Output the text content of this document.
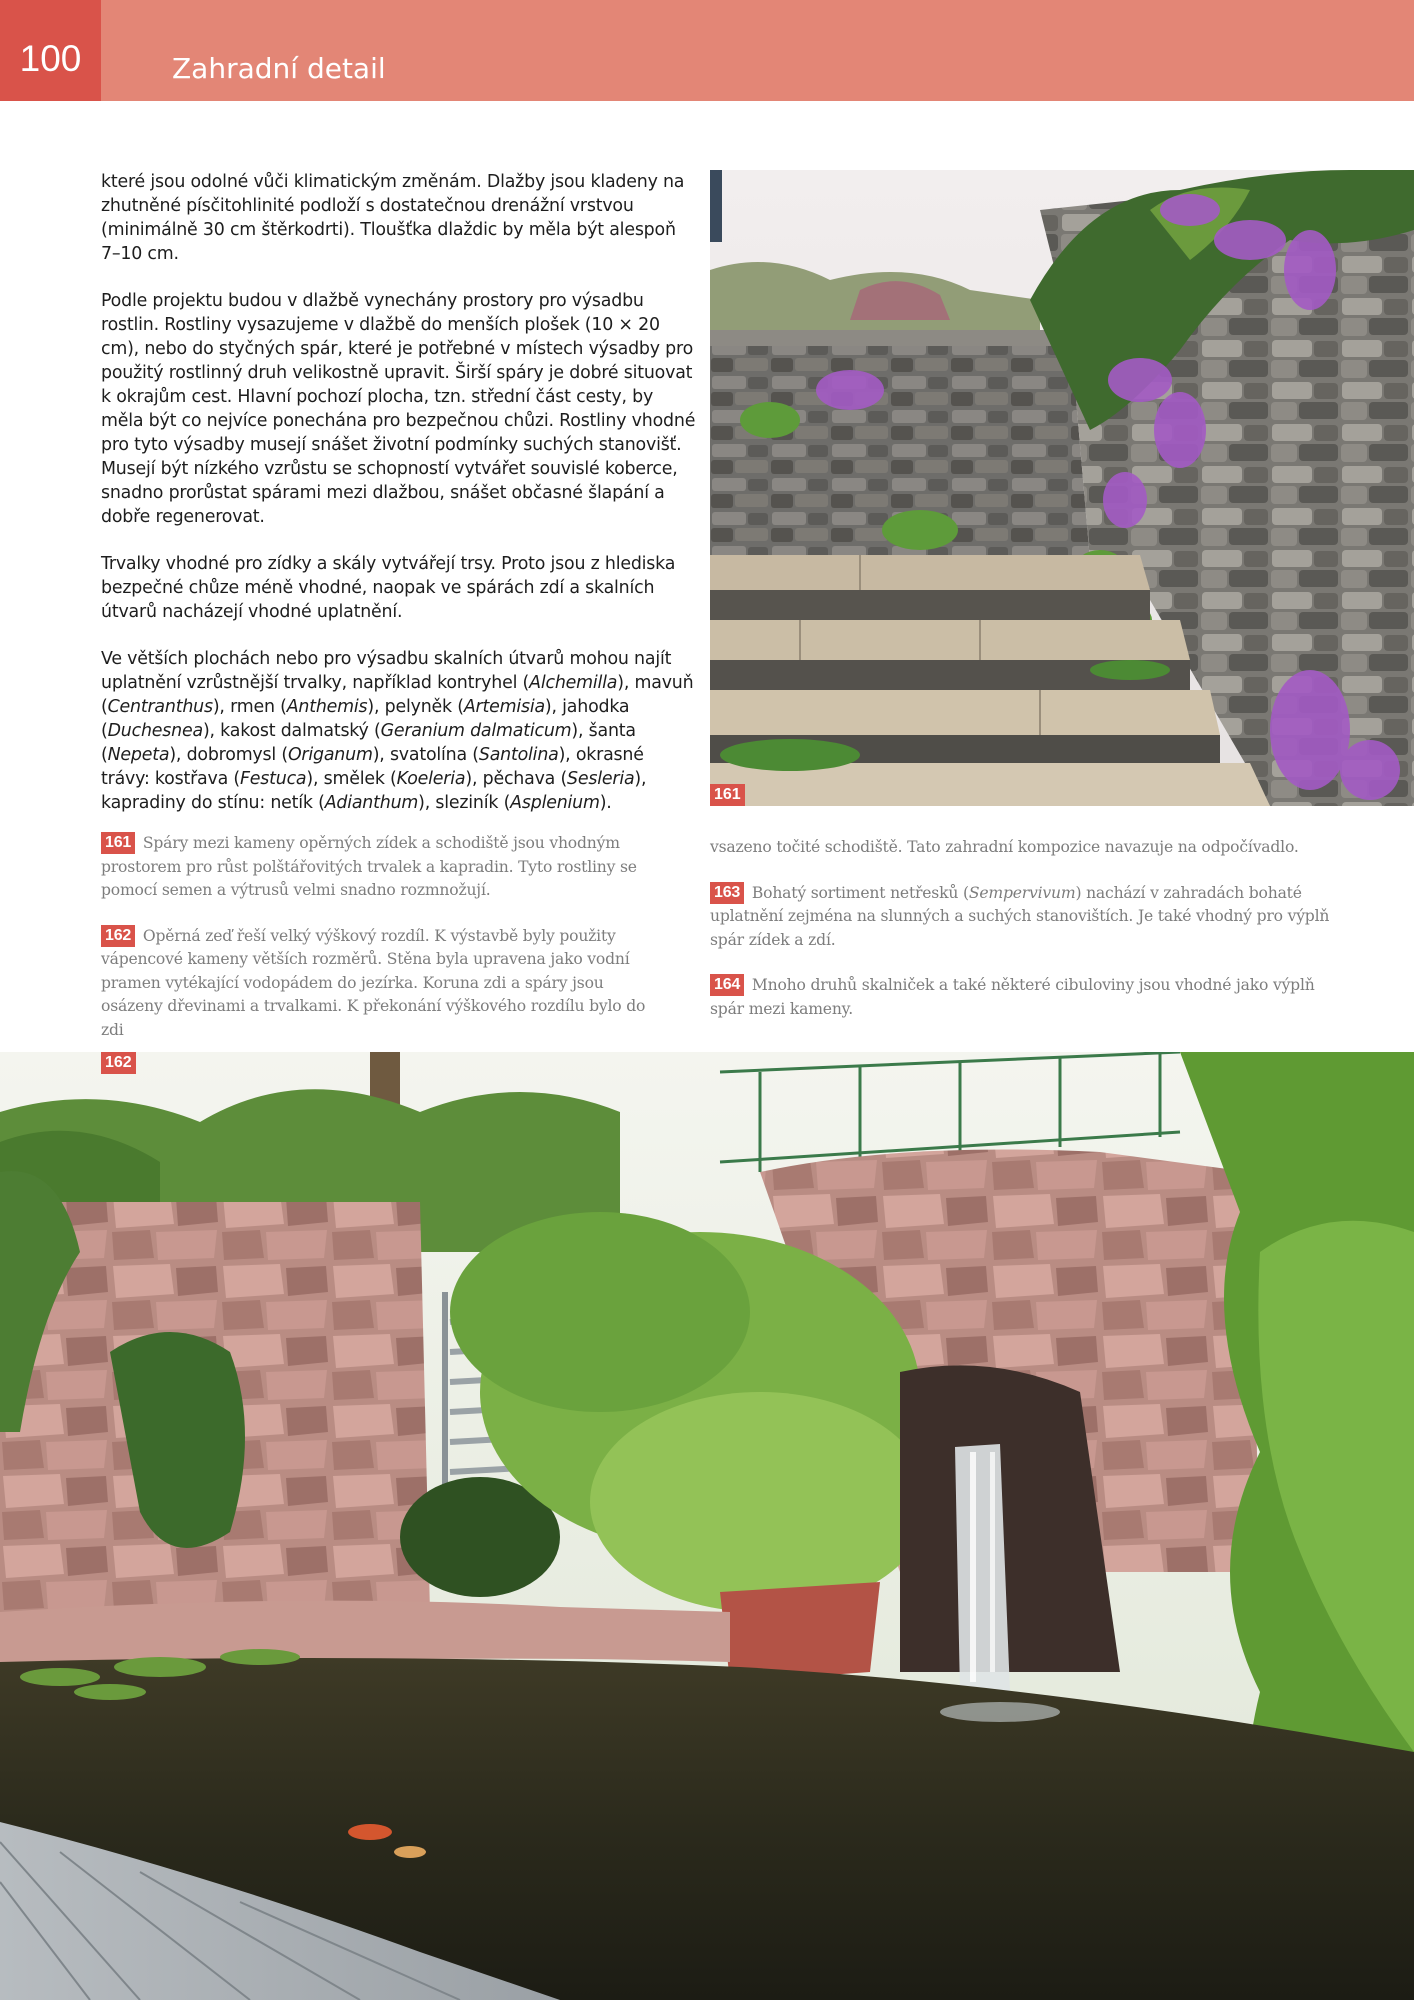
100	Zahradní detail

které jsou odolné vůči klimatickým změnám. Dlažby jsou kladeny na zhutněné písčitohlinité podloží s dostatečnou drenážní vrstvou (minimálně 30 cm štěrkodrti). Tloušťka dlaždic by měla být alespoň 7–10 cm.

Podle projektu budou v dlažbě vynechány prostory pro výsadbu rostlin. Rostliny vysazujeme v dlažbě do menších plošek (10 × 20 cm), nebo do styčných spár, které je potřebné v místech výsadby pro použitý rostlinný druh velikostně upravit. Širší spáry je dobré situovat k okrajům cest. Hlavní pochozí plocha, tzn. střední část cesty, by měla být co nejvíce ponechána pro bezpečnou chůzi. Rostliny vhodné pro tyto výsadby musejí snášet životní podmínky suchých stanovišť. Musejí být nízkého vzrůstu se schopností vytvářet souvislé koberce, snadno prorůstat spárami mezi dlažbou, snášet občasné šlapání a dobře regenerovat.

Trvalky vhodné pro zídky a skály vytvářejí trsy. Proto jsou z hlediska bezpečné chůze méně vhodné, naopak ve spárách zdí a skalních útvarů nacházejí vhodné uplatnění.

Ve větších plochách nebo pro výsadbu skalních útvarů mohou najít uplatnění vzrůstnější trvalky, například kontryhel (Alchemilla), mavuň (Centranthus), rmen (Anthemis), pelyněk (Artemisia), jahodka (Duchesnea), kakost dalmatský (Geranium dalmaticum), šanta (Nepeta), dobromysl (Origanum), svatolína (Santolina), okrasné trávy: kostřava (Festuca), smělek (Koeleria), pěchava (Sesleria), kapradiny do stínu: netík (Adianthum), sleziník (Asplenium).	161

161 Spáry mezi kameny opěrných zídek a schodiště jsou vhodným prostorem pro růst polštářovitých trvalek a kapradin. Tyto rostliny se pomocí semen a výtrusů velmi snadno rozmnožují.

162 Opěrná zeď řeší velký výškový rozdíl. K výstavbě byly použity vápencové kameny větších rozměrů. Stěna byla upravena jako vodní pramen vytékající vodopádem do jezírka. Koruna zdi a spáry jsou osázeny dřevinami a trvalkami. K překonání výškového rozdílu bylo do zdi

vsazeno točité schodiště. Tato zahradní kompozice navazuje na odpočívadlo.

163 Bohatý sortiment netřesků (Sempervivum) nachází v zahradách bohaté uplatnění zejména na slunných a suchých stanovištích. Je také vhodný pro výplň spár zídek a zdí.

164 Mnoho druhů skalniček a také některé cibuloviny jsou vhodné jako výplň spár mezi kameny.

162
